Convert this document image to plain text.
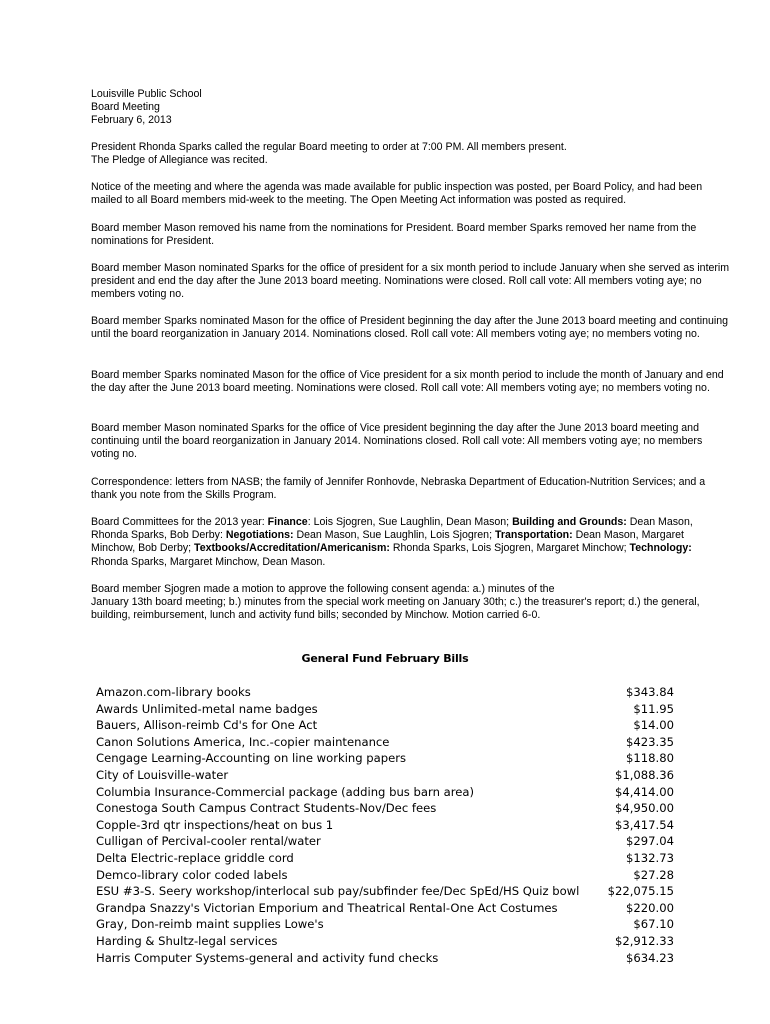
Louisville Public School
Board Meeting
February 6, 2013
President Rhonda Sparks called the regular Board meeting to order at 7:00 PM. All members present.
The Pledge of Allegiance was recited.

Notice of the meeting and where the agenda was made available for public inspection was posted, per Board Policy, and had been mailed to all Board members mid-week to the meeting. The Open Meeting Act information was posted as required.

Board member Mason removed his name from the nominations for President. Board member Sparks removed her name from the nominations for President.

Board member Mason nominated Sparks for the office of president for a six month period to include January when she served as interim president and end the day after the June 2013 board meeting. Nominations were closed. Roll call vote: All members voting aye; no members voting no.

Board member Sparks nominated Mason for the office of President beginning the day after the June 2013 board meeting and continuing until the board reorganization in January 2014. Nominations closed. Roll call vote: All members voting aye; no members voting no.

Board member Sparks nominated Mason for the office of Vice president for a six month period to include the month of January and end the day after the June 2013 board meeting. Nominations were closed. Roll call vote: All members voting aye; no members voting no.

Board member Mason nominated Sparks for the office of Vice president beginning the day after the June 2013 board meeting and continuing until the board reorganization in January 2014. Nominations closed. Roll call vote: All members voting aye; no members voting no.

Correspondence: letters from NASB; the family of Jennifer Ronhovde, Nebraska Department of Education-Nutrition Services; and a thank you note from the Skills Program.

Board Committees for the 2013 year: Finance: Lois Sjogren, Sue Laughlin, Dean Mason; Building and Grounds: Dean Mason, Rhonda Sparks, Bob Derby: Negotiations: Dean Mason, Sue Laughlin, Lois Sjogren; Transportation: Dean Mason, Margaret Minchow, Bob Derby; Textbooks/Accreditation/Americanism: Rhonda Sparks, Lois Sjogren, Margaret Minchow; Technology: Rhonda Sparks, Margaret Minchow, Dean Mason.

Board member Sjogren made a motion to approve the following consent agenda: a.) minutes of the
January 13th board meeting; b.) minutes from the special work meeting on January 30th; c.) the treasurer's report; d.) the general, building, reimbursement, lunch and activity fund bills; seconded by Minchow. Motion carried 6-0.
General Fund February Bills
Amazon.com-library books	$343.84
Awards Unlimited-metal name badges	$11.95
Bauers, Allison-reimb Cd's for One Act	$14.00
Canon Solutions America, Inc.-copier maintenance	$423.35
Cengage Learning-Accounting on line working papers	$118.80
City of Louisville-water	$1,088.36
Columbia Insurance-Commercial package (adding bus barn area)	$4,414.00
Conestoga South Campus Contract Students-Nov/Dec fees	$4,950.00
Copple-3rd qtr inspections/heat on bus 1	$3,417.54
Culligan of Percival-cooler rental/water	$297.04
Delta Electric-replace griddle cord	$132.73
Demco-library color coded labels	$27.28
ESU #3-S. Seery workshop/interlocal sub pay/subfinder fee/Dec SpEd/HS Quiz bowl	$22,075.15
Grandpa Snazzy's Victorian Emporium and Theatrical Rental-One Act Costumes	$220.00
Gray, Don-reimb maint supplies Lowe's	$67.10
Harding & Shultz-legal services	$2,912.33
Harris Computer Systems-general and activity fund checks	$634.23
